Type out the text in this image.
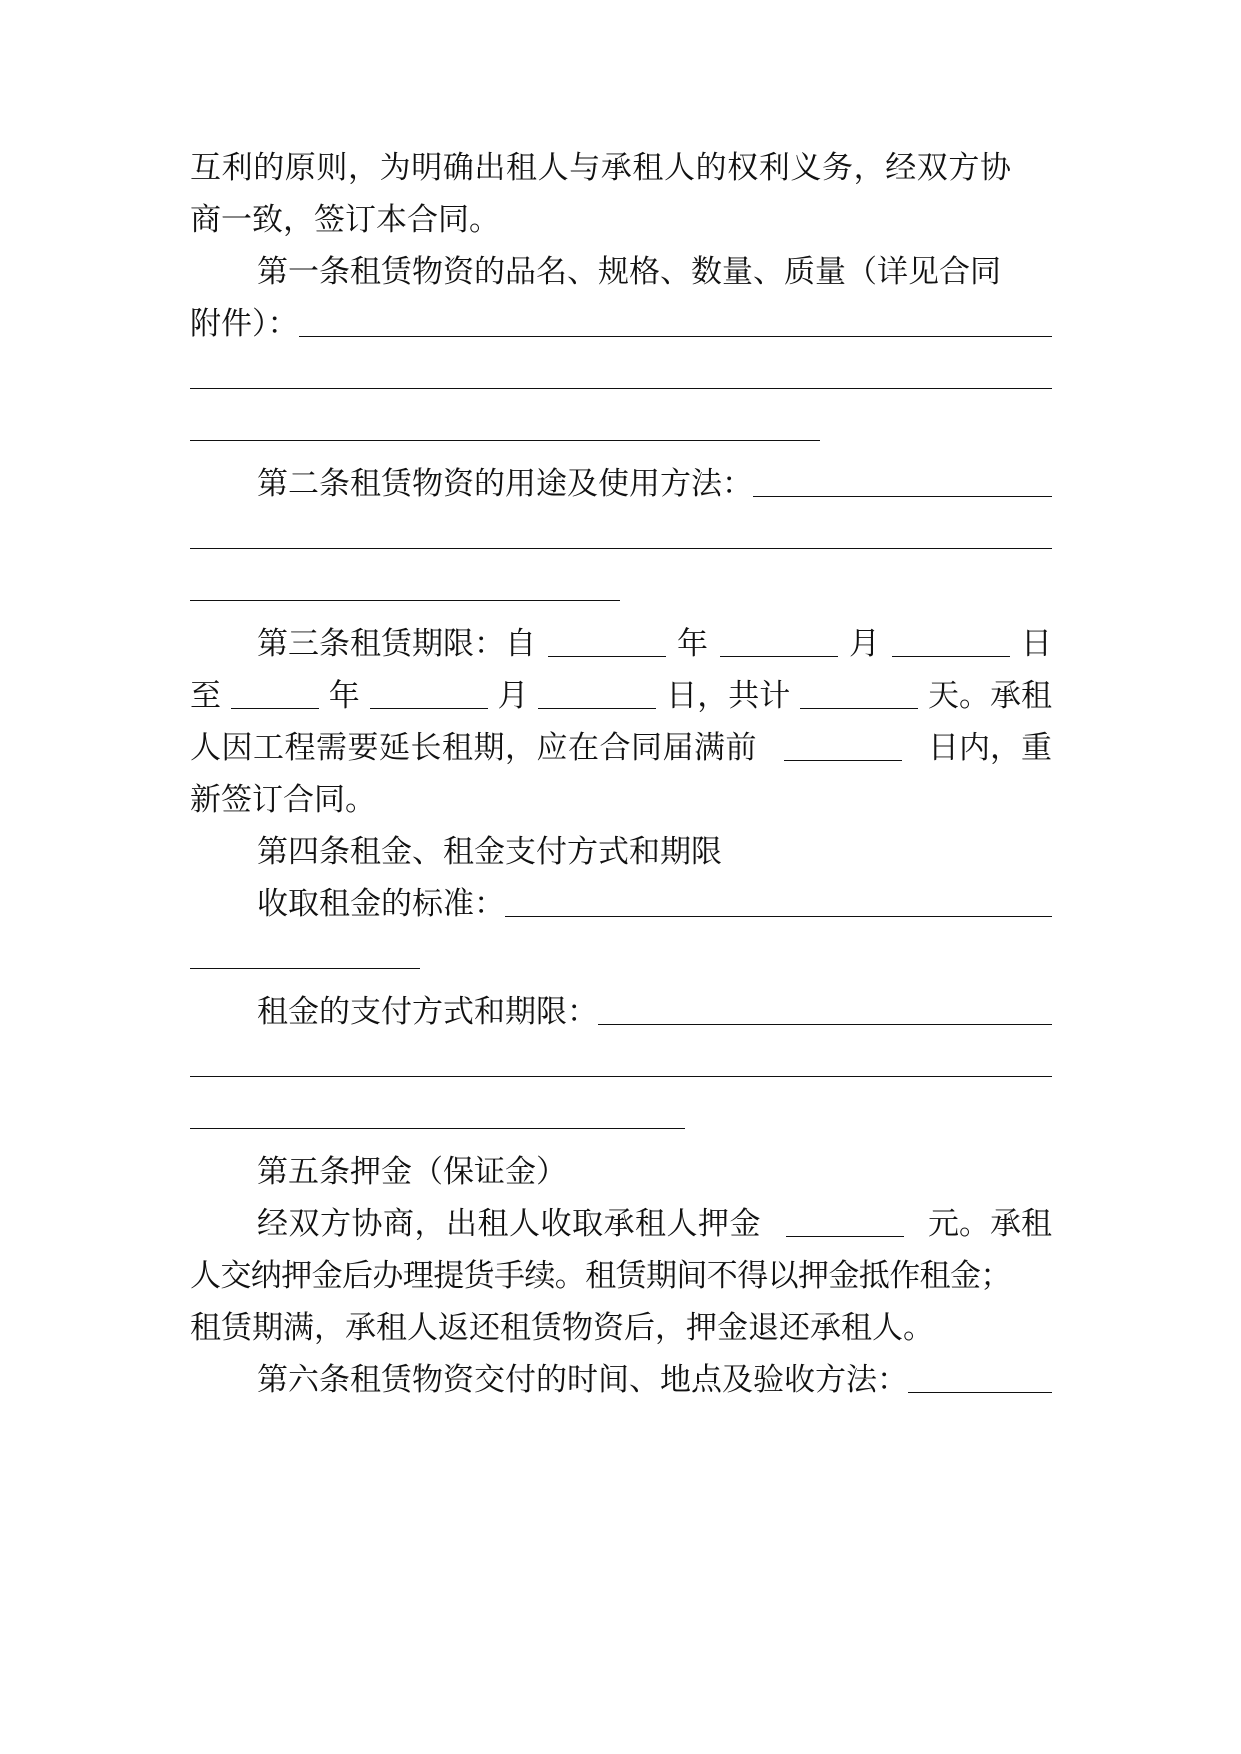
互利的原则，为明确出租人与承租人的权利义务，经双方协
商一致，签订本合同。
第一条租赁物资的品名、规格、数量、质量（详见合同
附件）：
第二条租赁物资的用途及使用方法：
第三条租赁期限：自	年	月	日
至	年	月	日，共计	天。承租
人因工程需要延长租期，应在合同届满前	日内，重
新签订合同。
第四条租金、租金支付方式和期限
收取租金的标准：
租金的支付方式和期限：
第五条押金（保证金）
经双方协商，出租人收取承租人押金	元。承租
人交纳押金后办理提货手续。租赁期间不得以押金抵作租金；
租赁期满，承租人返还租赁物资后，押金退还承租人。
第六条租赁物资交付的时间、地点及验收方法：
